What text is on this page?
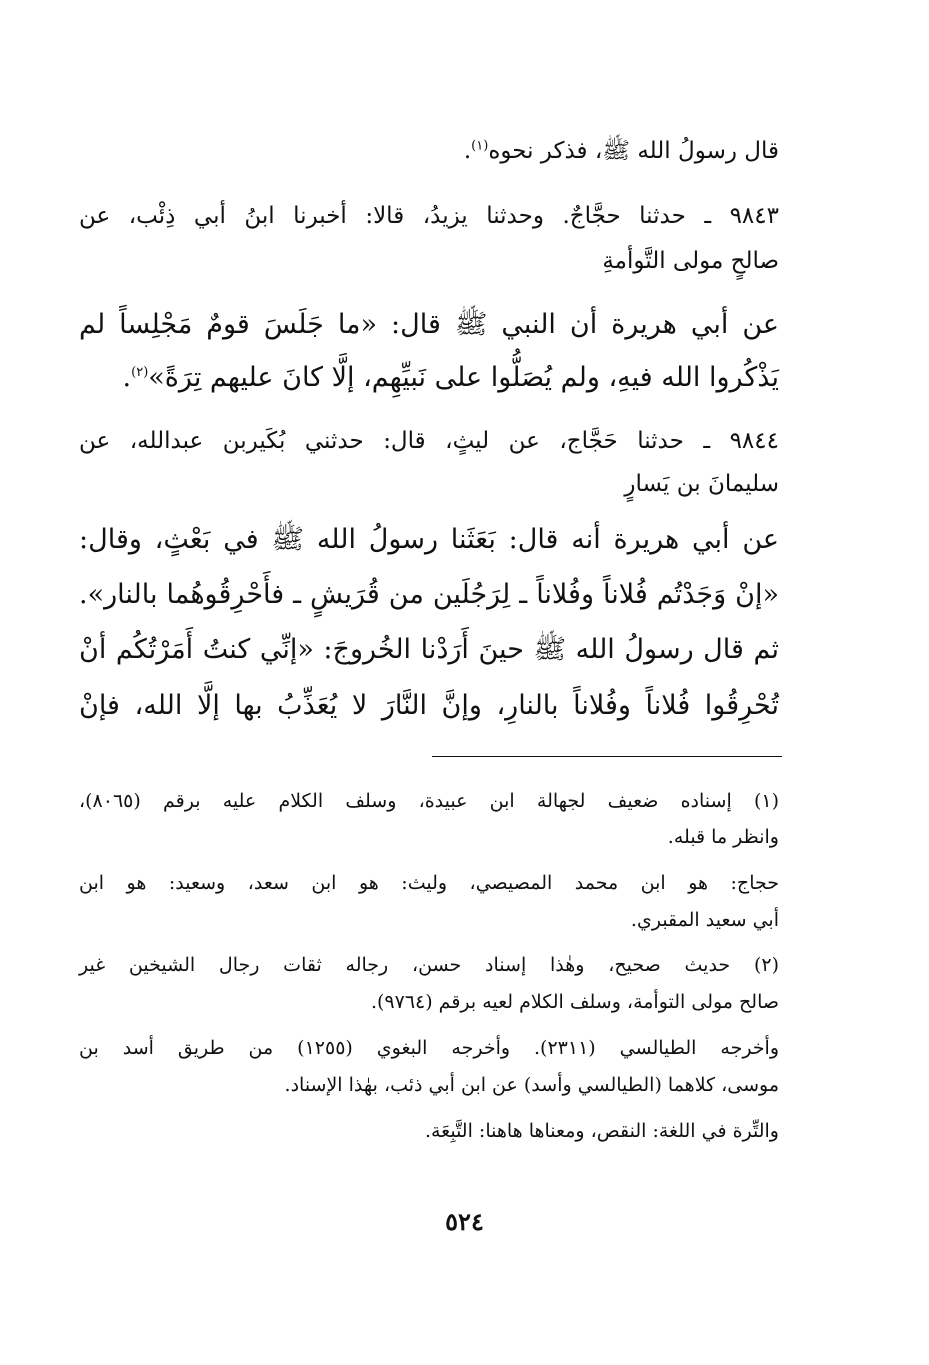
قال رسولُ الله ﷺ، فذكر نحوه$^{(١)}$.
٩٨٤٣ ـ حدثنا حجَّاجٌ. وحدثنا يزيدُ، قالا: أخبرنا ابنُ أبي ذِئْب، عن
صالحٍ مولى التَّوأمةِ
عن أبي هريرة أن النبي ﷺ قال: «ما جَلَسَ قومٌ مَجْلِساً لم
يَذْكُروا الله فيهِ، ولم يُصَلُّوا على نَبيِّهِم، إلَّا كانَ عليهم تِرَةً»$^{(٢)}$.
٩٨٤٤ ـ حدثنا حَجَّاج، عن ليثٍ، قال: حدثني بُكَيربن عبدالله، عن
سليمانَ بن يَسارٍ
عن أبي هريرة أنه قال: بَعَثَنا رسولُ الله ﷺ في بَعْثٍ، وقال:
«إنْ وَجَدْتُم فُلاناً وفُلاناً ـ لِرَجُلَين من قُرَيشٍ ـ فأَحْرِقُوهُما بالنار».
ثم قال رسولُ الله ﷺ حينَ أَرَدْنا الخُروجَ: «إنِّي كنتُ أَمَرْتُكُم أنْ
تُحْرِقُوا فُلاناً وفُلاناً بالنارِ، وإنَّ النَّارَ لا يُعَذِّبُ بها إلَّا الله، فإنْ
(١) إسناده ضعيف لجهالة ابن عبيدة، وسلف الكلام عليه برقم (٨٠٦٥)،
وانظر ما قبله.
حجاج: هو ابن محمد المصيصي، وليث: هو ابن سعد، وسعيد: هو ابن
أبي سعيد المقبري.
(٢) حديث صحيح، وهٰذا إسناد حسن، رجاله ثقات رجال الشيخين غير
صالح مولى التوأمة، وسلف الكلام لعيه برقم (٩٧٦٤).
وأخرجه الطيالسي (٢٣١١). وأخرجه البغوي (١٢٥٥) من طريق أسد بن
موسى، كلاهما (الطيالسي وأسد) عن ابن أبي ذئب، بهٰذا الإسناد.
والتِّرة في اللغة: النقص، ومعناها هاهنا: التَّبِعَة.
٥٢٤
